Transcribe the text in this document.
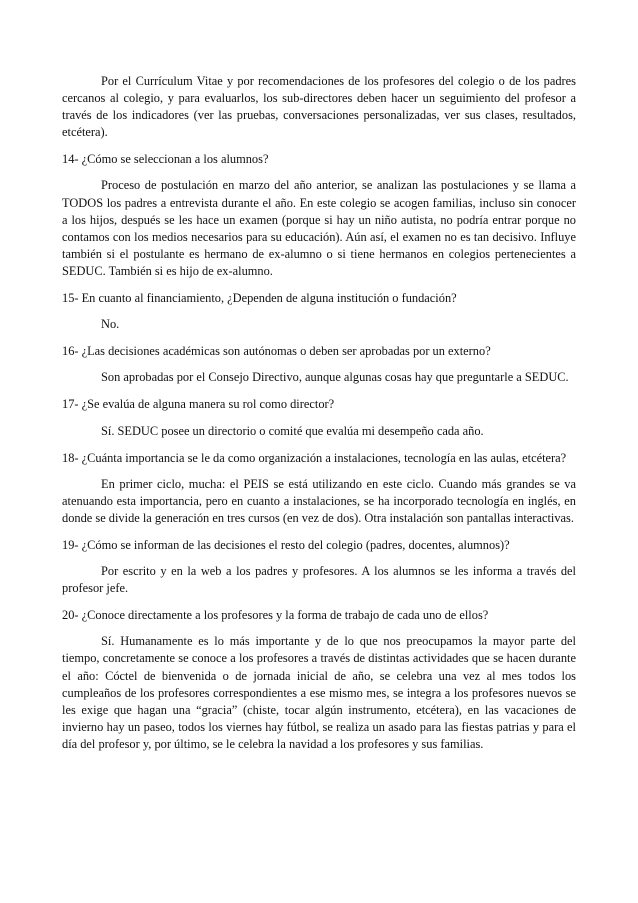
Por el Currículum Vitae y por recomendaciones de los profesores del colegio o de los padres cercanos al colegio, y para evaluarlos, los sub-directores deben hacer un seguimiento del profesor a través de los indicadores (ver las pruebas, conversaciones personalizadas, ver sus clases, resultados, etcétera).

14- ¿Cómo se seleccionan a los alumnos?

Proceso de postulación en marzo del año anterior, se analizan las postulaciones y se llama a TODOS los padres a entrevista durante el año. En este colegio se acogen familias, incluso sin conocer a los hijos, después se les hace un examen (porque si hay un niño autista, no podría entrar porque no contamos con los medios necesarios para su educación). Aún así, el examen no es tan decisivo. Influye también si el postulante es hermano de ex-alumno o si tiene hermanos en colegios pertenecientes a SEDUC. También si es hijo de ex-alumno.

15- En cuanto al financiamiento, ¿Dependen de alguna institución o fundación?

No.

16- ¿Las decisiones académicas son autónomas o deben ser aprobadas por un externo?

Son aprobadas por el Consejo Directivo, aunque algunas cosas hay que preguntarle a SEDUC.

17- ¿Se evalúa de alguna manera su rol como director?

Sí. SEDUC posee un directorio o comité que evalúa mi desempeño cada año.

18- ¿Cuánta importancia se le da como organización a instalaciones, tecnología en las aulas, etcétera?

En primer ciclo, mucha: el PEIS se está utilizando en este ciclo. Cuando más grandes se va atenuando esta importancia, pero en cuanto a instalaciones, se ha incorporado tecnología en inglés, en donde se divide la generación en tres cursos (en vez de dos). Otra instalación son pantallas interactivas.

19- ¿Cómo se informan de las decisiones el resto del colegio (padres, docentes, alumnos)?

Por escrito y en la web a los padres y profesores. A los alumnos se les informa a través del profesor jefe.

20- ¿Conoce directamente a los profesores y la forma de trabajo de cada uno de ellos?

Sí. Humanamente es lo más importante y de lo que nos preocupamos la mayor parte del tiempo, concretamente se conoce a los profesores a través de distintas actividades que se hacen durante el año: Cóctel de bienvenida o de jornada inicial de año, se celebra una vez al mes todos los cumpleaños de los profesores correspondientes a ese mismo mes, se integra a los profesores nuevos se les exige que hagan una “gracia” (chiste, tocar algún instrumento, etcétera), en las vacaciones de invierno hay un paseo, todos los viernes hay fútbol, se realiza un asado para las fiestas patrias y para el día del profesor y, por último, se le celebra la navidad a los profesores y sus familias.
